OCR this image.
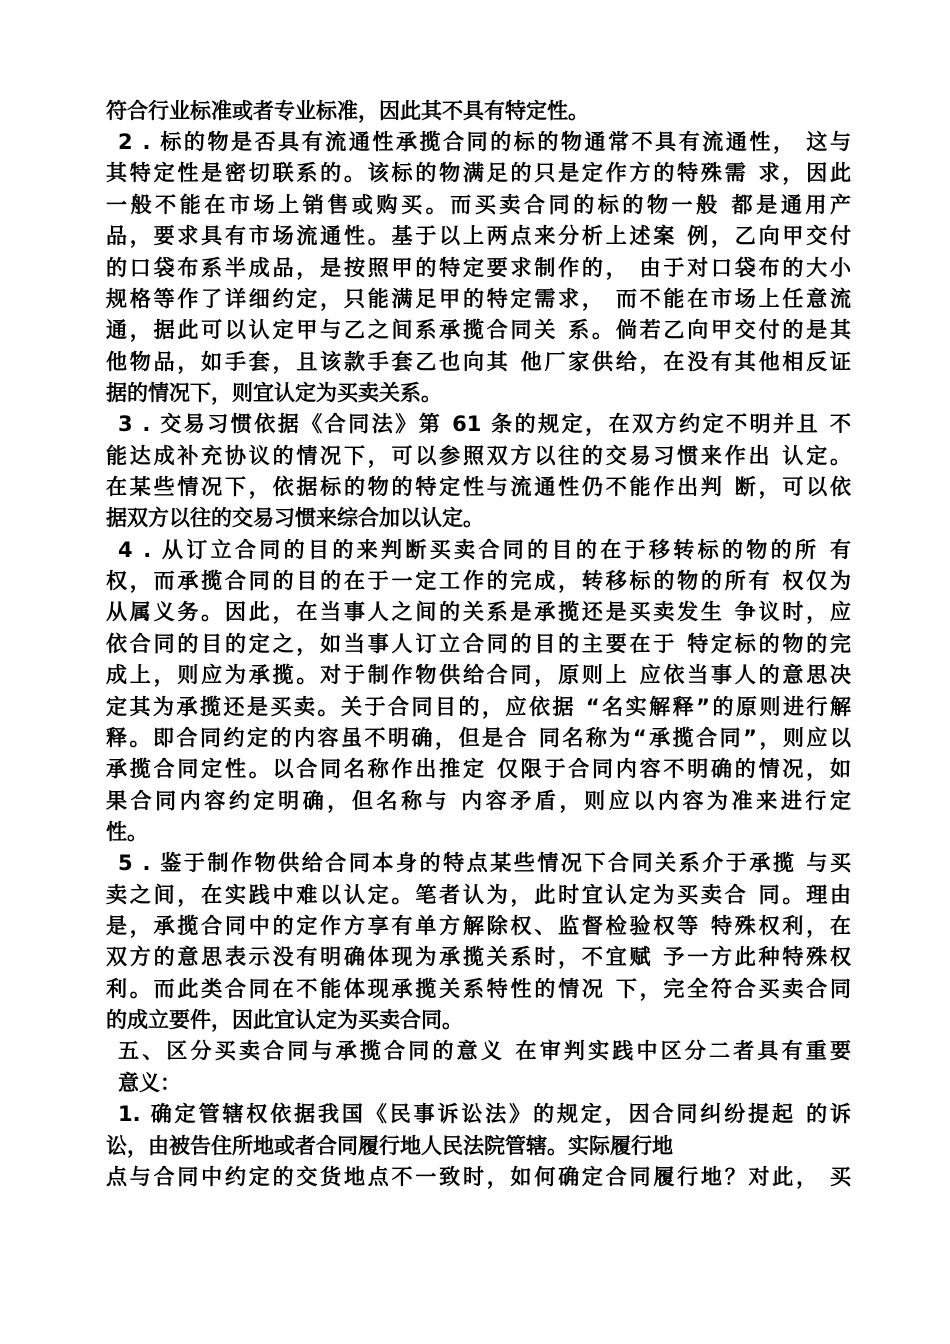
符合行业标准或者专业标准，因此其不具有特定性。
2 . 标的物是否具有流通性承揽合同的标的物通常不具有流通性， 这与
其特定性是密切联系的。该标的物满足的只是定作方的特殊需 求，因此
一般不能在市场上销售或购买。而买卖合同的标的物一般 都是通用产
品，要求具有市场流通性。基于以上两点来分析上述案 例，乙向甲交付
的口袋布系半成品，是按照甲的特定要求制作的， 由于对口袋布的大小
规格等作了详细约定，只能满足甲的特定需求， 而不能在市场上任意流
通，据此可以认定甲与乙之间系承揽合同关 系。倘若乙向甲交付的是其
他物品，如手套，且该款手套乙也向其 他厂家供给，在没有其他相反证
据的情况下，则宜认定为买卖关系。
3 . 交易习惯依据《合同法》第 61 条的规定，在双方约定不明并且 不
能达成补充协议的情况下，可以参照双方以往的交易习惯来作出 认定。
在某些情况下，依据标的物的特定性与流通性仍不能作出判 断，可以依
据双方以往的交易习惯来综合加以认定。
4 . 从订立合同的目的来判断买卖合同的目的在于移转标的物的所 有
权，而承揽合同的目的在于一定工作的完成，转移标的物的所有 权仅为
从属义务。因此，在当事人之间的关系是承揽还是买卖发生 争议时，应
依合同的目的定之，如当事人订立合同的目的主要在于 特定标的物的完
成上，则应为承揽。对于制作物供给合同，原则上 应依当事人的意思决
定其为承揽还是买卖。关于合同目的，应依据 “名实解释”的原则进行解
释。即合同约定的内容虽不明确，但是合 同名称为“承揽合同”，则应以
承揽合同定性。以合同名称作出推定 仅限于合同内容不明确的情况，如
果合同内容约定明确，但名称与 内容矛盾，则应以内容为准来进行定
性。
5 . 鉴于制作物供给合同本身的特点某些情况下合同关系介于承揽 与买
卖之间，在实践中难以认定。笔者认为，此时宜认定为买卖合 同。理由
是，承揽合同中的定作方享有单方解除权、监督检验权等 特殊权利，在
双方的意思表示没有明确体现为承揽关系时，不宜赋 予一方此种特殊权
利。而此类合同在不能体现承揽关系特性的情况 下，完全符合买卖合同
的成立要件，因此宜认定为买卖合同。
五、区分买卖合同与承揽合同的意义 在审判实践中区分二者具有重要
意义：
1. 确定管辖权依据我国《民事诉讼法》的规定，因合同纠纷提起 的诉
讼，由被告住所地或者合同履行地人民法院管辖。实际履行地
点与合同中约定的交货地点不一致时，如何确定合同履行地？对此， 买
